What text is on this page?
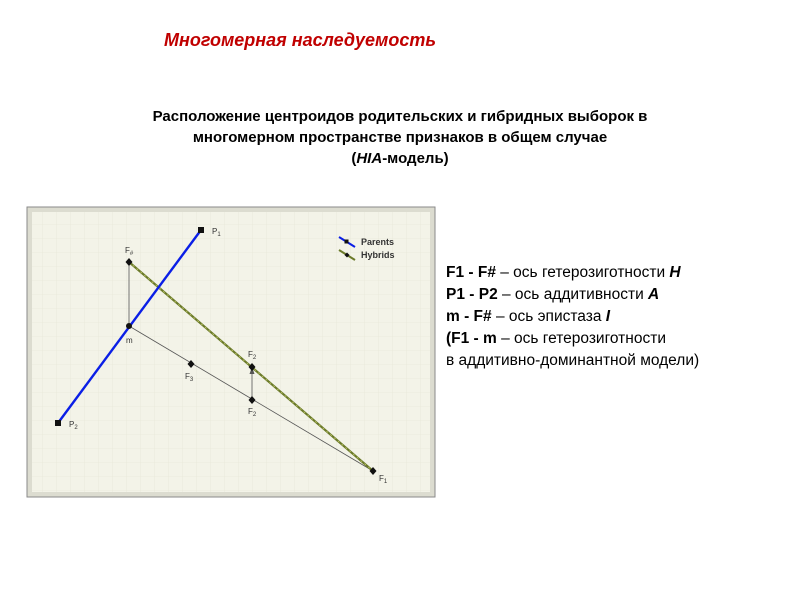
Многомерная наследуемость
Расположение центроидов родительских и гибридных выборок в
многомерном пространстве признаков в общем случае
(HIA-модель)
$P_1$
$P_2$
$F_{\#}$
m
$F_3$
$F_2$
$F_2$
$F_1$
Parents
Hybrids
F1 - F# – ось гетерозиготности H
P1 - P2 – ось аддитивности A
m - F# – ось эпистаза I
(F1 - m – ось гетерозиготности
в аддитивно-доминантной модели)
